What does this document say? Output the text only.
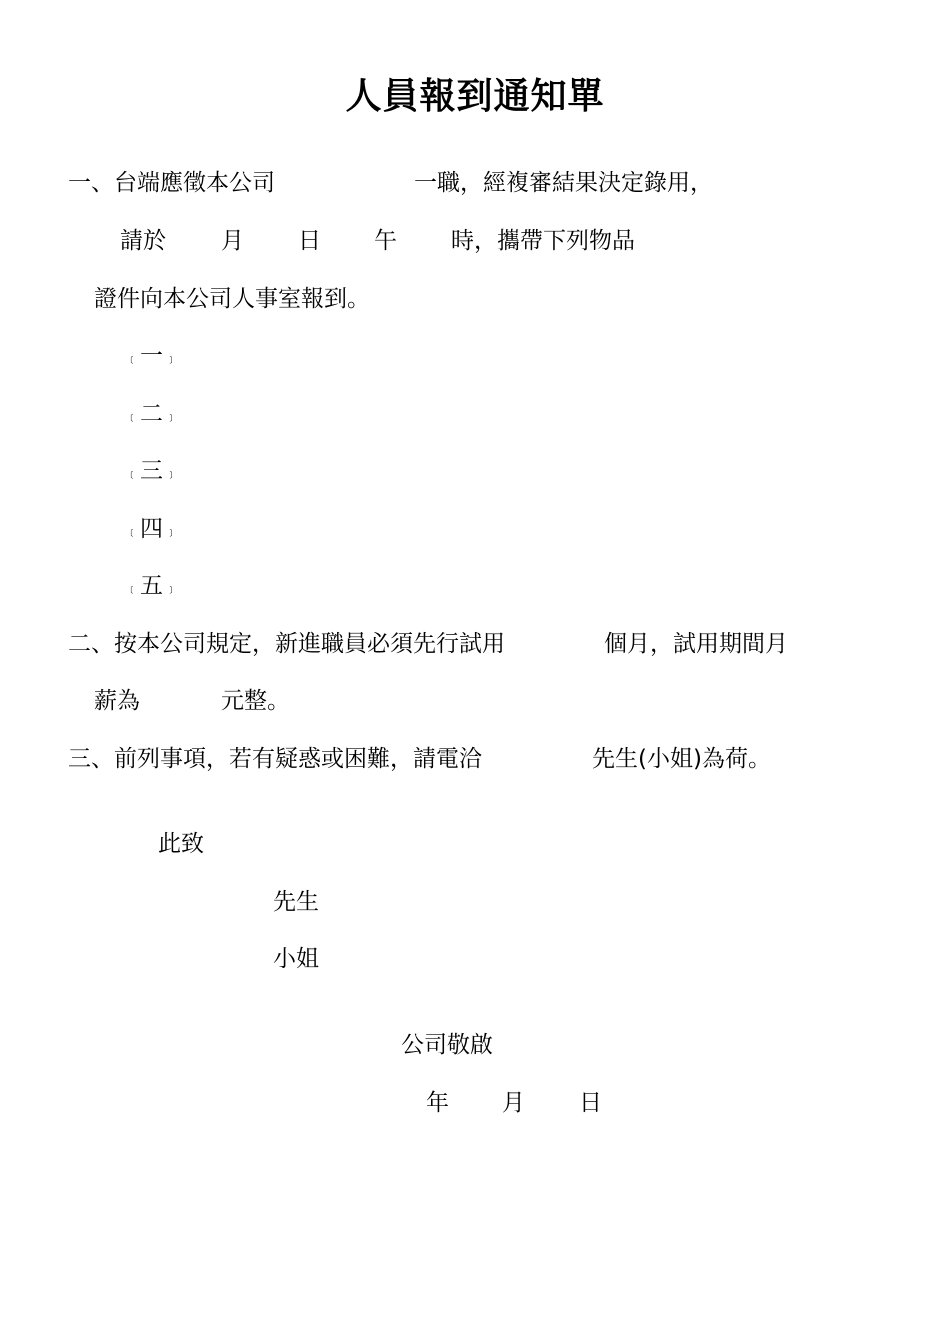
人員報到通知單
一、台端應徵本公司	一職，經複審結果決定錄用，
請於 月 日 午 時，攜帶下列物品
證件向本公司人事室報到。
﹝一 ﹞
﹝二 ﹞
﹝三 ﹞
﹝四 ﹞
﹝五 ﹞
二、按本公司規定，新進職員必須先行試用	個月，試用期間月
薪為	元整。
三、前列事項，若有疑惑或困難，請電洽	先生(小姐)為荷。
此致
先生
小姐
公司敬啟
年 月 日
